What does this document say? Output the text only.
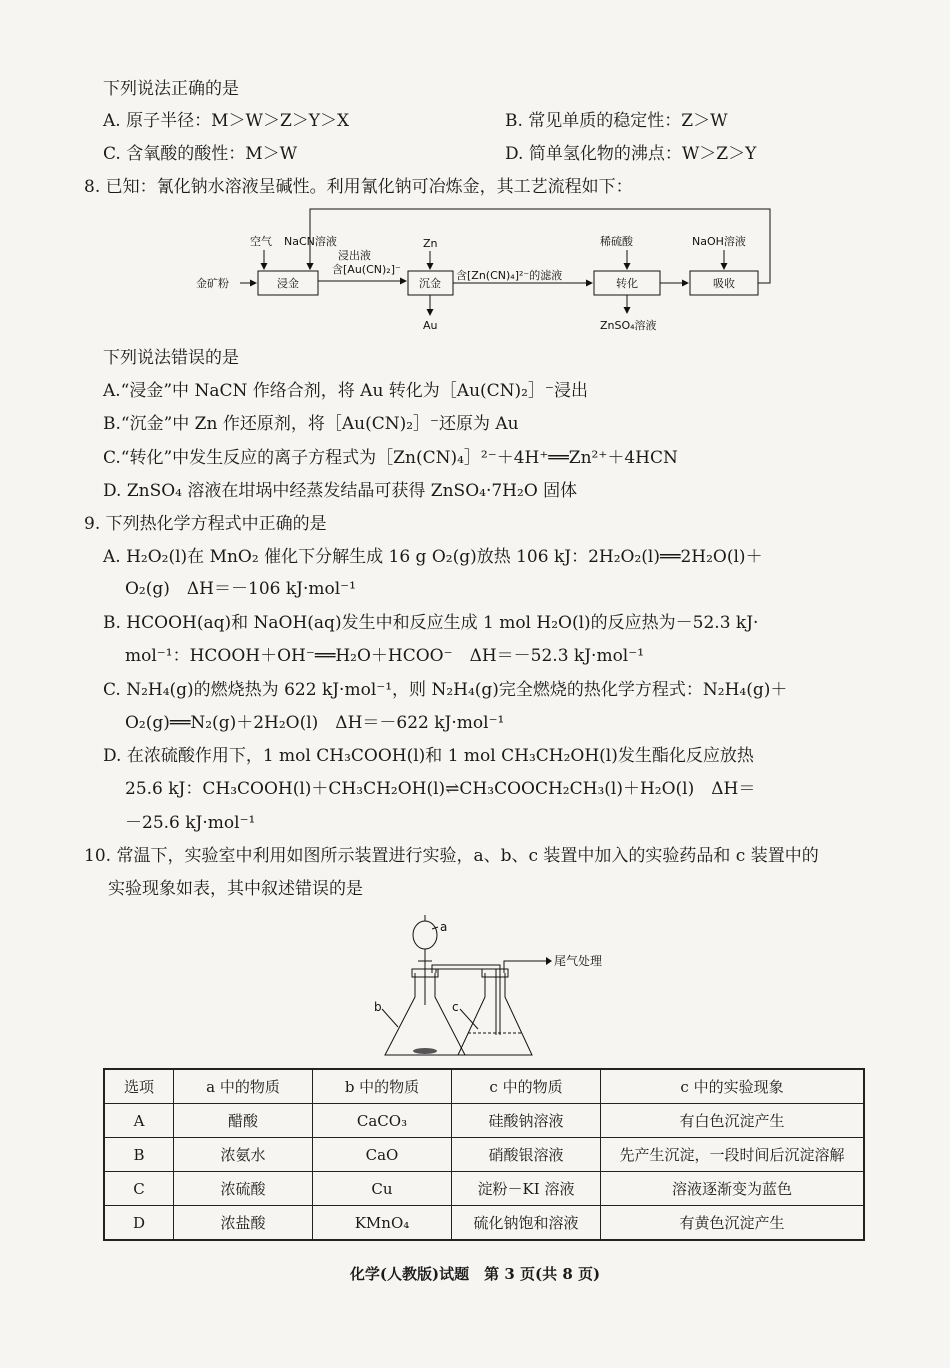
下列说法正确的是
A. 原子半径：M＞W＞Z＞Y＞X	B. 常见单质的稳定性：Z＞W
C. 含氧酸的酸性：M＞W	D. 简单氢化物的沸点：W＞Z＞Y
8. 已知：氰化钠水溶液呈碱性。利用氰化钠可冶炼金，其工艺流程如下：
浸金	沉金	转化	吸收
金矿粉
空气 NaCN溶液
浸出液
含[Au(CN)₂]⁻
Zn
Au
含[Zn(CN)₄]²⁻的滤液
稀硫酸
ZnSO₄溶液
NaOH溶液
下列说法错误的是
A.“浸金”中 NaCN 作络合剂，将 Au 转化为［Au(CN)₂］⁻浸出
B.“沉金”中 Zn 作还原剂，将［Au(CN)₂］⁻还原为 Au
C.“转化”中发生反应的离子方程式为［Zn(CN)₄］²⁻＋4H⁺══Zn²⁺＋4HCN
D. ZnSO₄ 溶液在坩埚中经蒸发结晶可获得 ZnSO₄·7H₂O 固体
9. 下列热化学方程式中正确的是
A. H₂O₂(l)在 MnO₂ 催化下分解生成 16 g O₂(g)放热 106 kJ：2H₂O₂(l)══2H₂O(l)＋
O₂(g)　ΔH＝－106 kJ·mol⁻¹
B. HCOOH(aq)和 NaOH(aq)发生中和反应生成 1 mol H₂O(l)的反应热为－52.3 kJ·
mol⁻¹：HCOOH＋OH⁻══H₂O＋HCOO⁻　ΔH＝－52.3 kJ·mol⁻¹
C. N₂H₄(g)的燃烧热为 622 kJ·mol⁻¹，则 N₂H₄(g)完全燃烧的热化学方程式：N₂H₄(g)＋
O₂(g)══N₂(g)＋2H₂O(l)　ΔH＝－622 kJ·mol⁻¹
D. 在浓硫酸作用下，1 mol CH₃COOH(l)和 1 mol CH₃CH₂OH(l)发生酯化反应放热
25.6 kJ：CH₃COOH(l)＋CH₃CH₂OH(l)⇌CH₃COOCH₂CH₃(l)＋H₂O(l)　ΔH＝
－25.6 kJ·mol⁻¹
10. 常温下，实验室中利用如图所示装置进行实验，a、b、c 装置中加入的实验药品和 c 装置中的
实验现象如表，其中叙述错误的是
a
b	c
尾气处理
选项	a 中的物质	b 中的物质	c 中的物质	c 中的实验现象
A	醋酸	CaCO₃	硅酸钠溶液	有白色沉淀产生
B	浓氨水	CaO	硝酸银溶液	先产生沉淀，一段时间后沉淀溶解
C	浓硫酸	Cu	淀粉－KI 溶液	溶液逐渐变为蓝色
D	浓盐酸	KMnO₄	硫化钠饱和溶液	有黄色沉淀产生
化学(人教版)试题　第 3 页(共 8 页)
